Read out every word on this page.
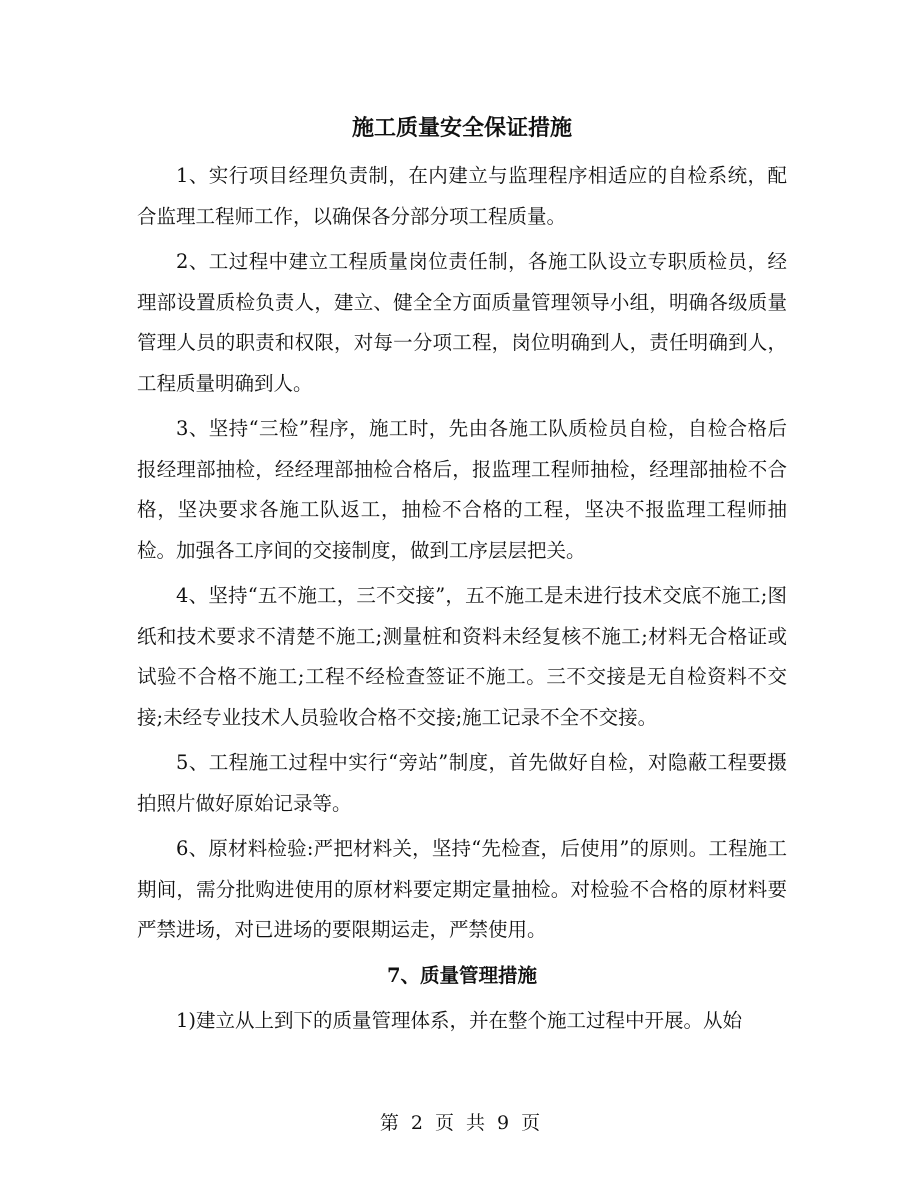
施工质量安全保证措施

1、实行项目经理负责制，在内建立与监理程序相适应的自检系统，配合监理工程师工作，以确保各分部分项工程质量。

2、工过程中建立工程质量岗位责任制，各施工队设立专职质检员，经理部设置质检负责人，建立、健全全方面质量管理领导小组，明确各级质量管理人员的职责和权限，对每一分项工程，岗位明确到人，责任明确到人，工程质量明确到人。

3、坚持“三检”程序，施工时，先由各施工队质检员自检，自检合格后报经理部抽检，经经理部抽检合格后，报监理工程师抽检，经理部抽检不合格，坚决要求各施工队返工，抽检不合格的工程，坚决不报监理工程师抽检。加强各工序间的交接制度，做到工序层层把关。

4、坚持“五不施工，三不交接”，五不施工是未进行技术交底不施工;图纸和技术要求不清楚不施工;测量桩和资料未经复核不施工;材料无合格证或试验不合格不施工;工程不经检查签证不施工。三不交接是无自检资料不交接;未经专业技术人员验收合格不交接;施工记录不全不交接。

5、工程施工过程中实行“旁站”制度，首先做好自检，对隐蔽工程要摄拍照片做好原始记录等。

6、原材料检验:严把材料关，坚持“先检查，后使用”的原则。工程施工期间，需分批购进使用的原材料要定期定量抽检。对检验不合格的原材料要严禁进场，对已进场的要限期运走，严禁使用。

7、质量管理措施

1)建立从上到下的质量管理体系，并在整个施工过程中开展。从始

第 2 页 共 9 页
